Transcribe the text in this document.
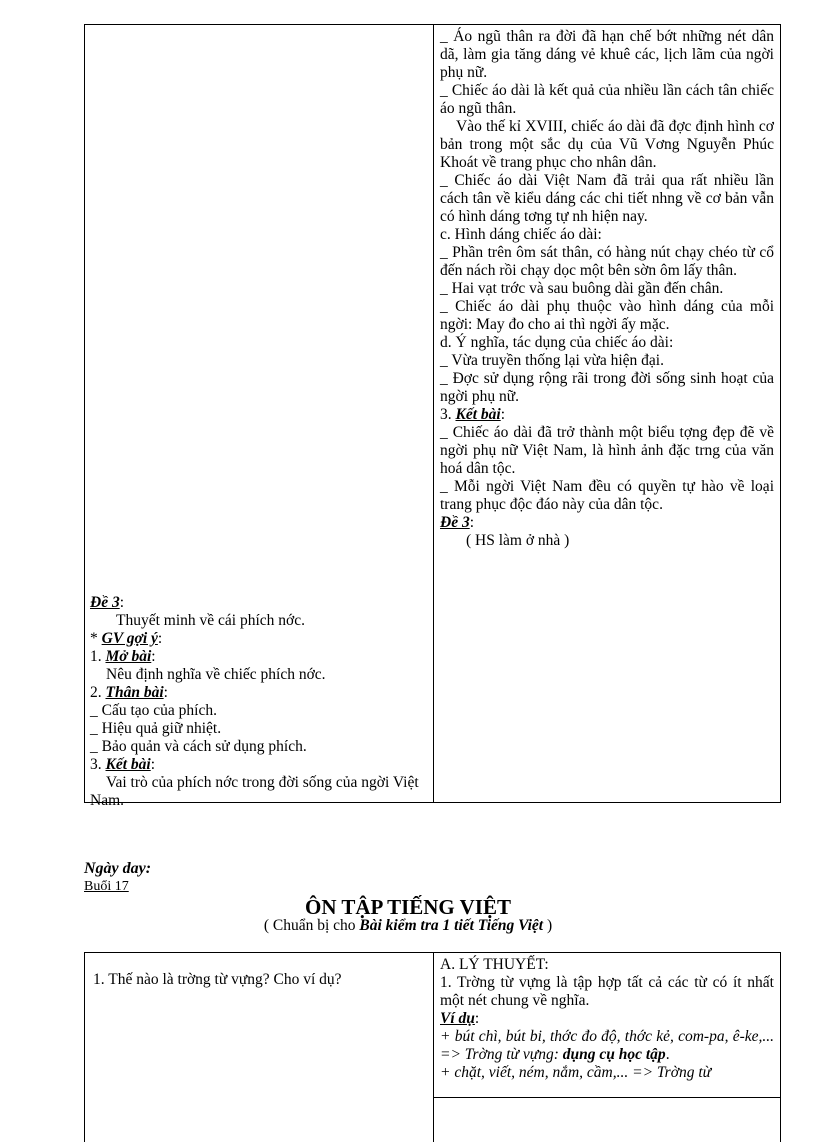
_ Áo ngũ thân ra đời đã hạn chế bớt những nét dân dã, làm gia tăng dáng vẻ khuê các, lịch lãm của ngời phụ nữ.

_ Chiếc áo dài là kết quả của nhiều lần cách tân chiếc áo ngũ thân.

Vào thế kỉ XVIII, chiếc áo dài đã đợc định hình cơ bản trong một sắc dụ của Vũ Vơng Nguyễn Phúc Khoát về trang phục cho nhân dân.

_ Chiếc áo dài Việt Nam đã trải qua rất nhiều lần cách tân về kiểu dáng các chi tiết nhng về cơ bản vẫn có hình dáng tơng tự nh hiện nay.

c. Hình dáng chiếc áo dài:

_ Phần trên ôm sát thân, có hàng nút chạy chéo từ cổ đến nách rồi chạy dọc một bên sờn ôm lấy thân.

_ Hai vạt trớc và sau buông dài gần đến chân.

_ Chiếc áo dài phụ thuộc vào hình dáng của mỗi ngời: May đo cho ai thì ngời ấy mặc.

d. Ý nghĩa, tác dụng của chiếc áo dài:

_ Vừa truyền thống lại vừa hiện đại.

_ Đợc sử dụng rộng rãi trong đời sống sinh hoạt của ngời phụ nữ.

3. Kết bài:

_ Chiếc áo dài đã trở thành một biểu tợng đẹp đẽ về ngời phụ nữ Việt Nam, là hình ảnh đặc trng của văn hoá dân tộc.

_ Mỗi ngời Việt Nam đều có quyền tự hào về loại trang phục độc đáo này của dân tộc.

Đề 3:

( HS làm ở nhà )

Đề 3:

Thuyết minh về cái phích nớc.

* GV gợi ý:

1. Mở bài:

Nêu định nghĩa về chiếc phích nớc.

2. Thân bài:

_ Cấu tạo của phích.

_ Hiệu quả giữ nhiệt.

_ Bảo quản và cách sử dụng phích.

3. Kết bài:

Vai trò của phích nớc trong đời sống của ngời Việt Nam.

Ngày day:
Buổi 17
ÔN TẬP TIẾNG VIỆT
( Chuẩn bị cho Bài kiểm tra 1 tiết Tiếng Việt )
1. Thế nào là trờng từ vựng? Cho ví dụ?

A. LÝ THUYẾT:

1. Trờng từ vựng là tập hợp tất cả các từ có ít nhất một nét chung về nghĩa.

Ví dụ:

+ bút chì, bút bi, thớc đo độ, thớc kẻ, com-pa, ê-ke,... => Trờng từ vựng: dụng cụ học tập.

+ chặt, viết, ném, nắm, cầm,... => Trờng từ
